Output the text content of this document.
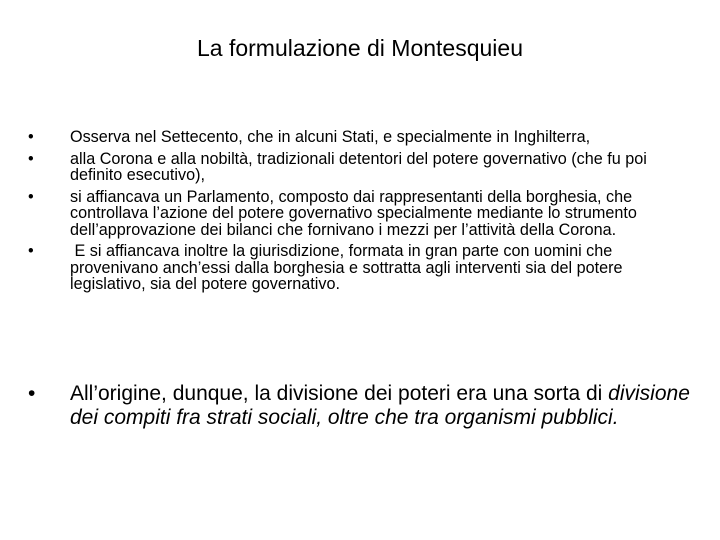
La formulazione di Montesquieu
•	Osserva nel Settecento, che in alcuni Stati, e specialmente in Inghilterra,
•	alla Corona e alla nobiltà, tradizionali detentori del potere governativo (che fu poi definito esecutivo),
•	si affiancava un Parlamento, composto dai rappresentanti della borghesia, che controllava l’azione del potere governativo specialmente mediante lo strumento dell’approvazione dei bilanci che fornivano i mezzi per l’attività della Corona.
•	E si affiancava inoltre la giurisdizione, formata in gran parte con uomini che provenivano anch’essi dalla borghesia e sottratta agli interventi sia del potere legislativo, sia del potere governativo.
•	All’origine, dunque, la divisione dei poteri era una sorta di divisione dei compiti fra strati sociali, oltre che tra organismi pubblici.
